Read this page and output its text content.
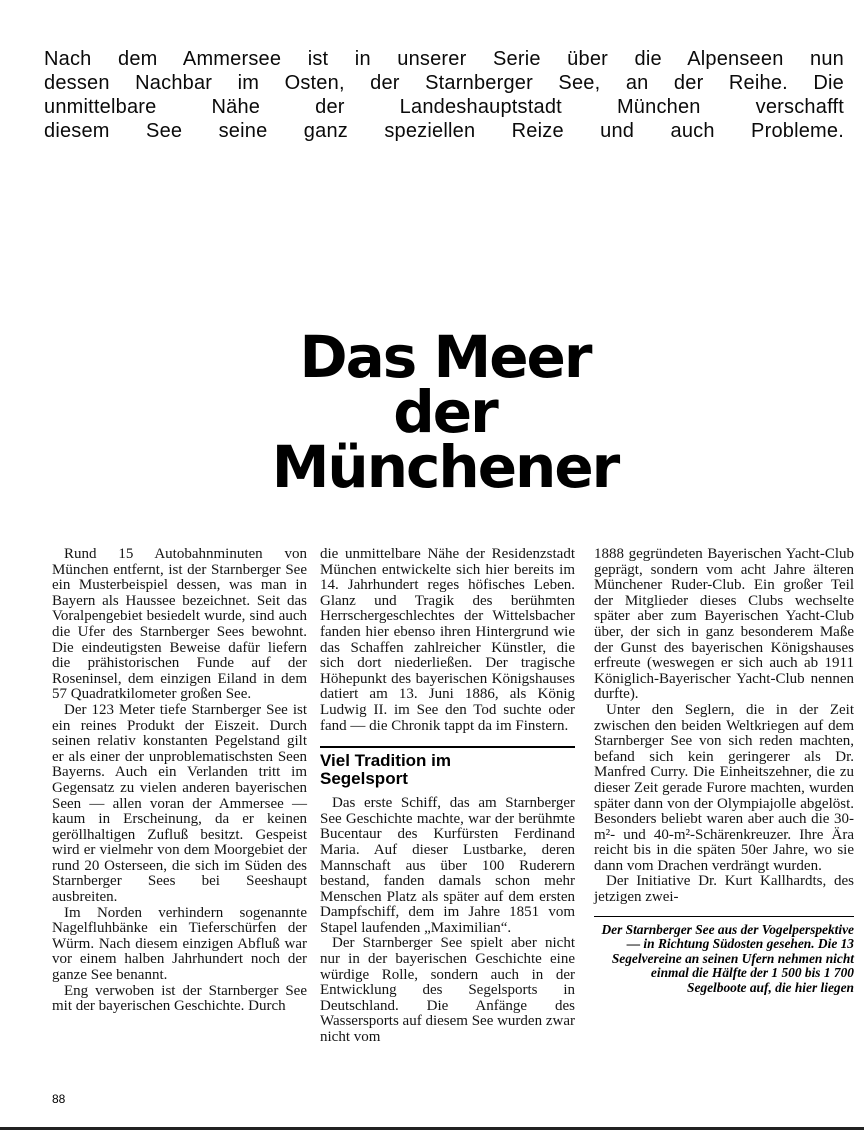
Nach dem Ammersee ist in unserer Serie über die Alpenseen nun

dessen Nachbar im Osten, der Starnberger See, an der Reihe. Die

unmittelbare Nähe der Landeshauptstadt München verschafft

diesem See seine ganz speziellen Reize und auch Probleme.

Das Meer
der
Münchener

Rund 15 Autobahnminuten von München entfernt, ist der Starnberger See ein Musterbeispiel dessen, was man in Bayern als Haussee bezeichnet. Seit das Voralpengebiet besiedelt wurde, sind auch die Ufer des Starnberger Sees bewohnt. Die eindeutigsten Beweise dafür liefern die prähistorischen Funde auf der Roseninsel, dem einzigen Eiland in dem 57 Quadratkilometer großen See.

Der 123 Meter tiefe Starnberger See ist ein reines Produkt der Eiszeit. Durch seinen relativ konstanten Pegelstand gilt er als einer der unproblematischsten Seen Bayerns. Auch ein Verlanden tritt im Gegensatz zu vielen anderen bayerischen Seen — allen voran der Ammersee — kaum in Erscheinung, da er keinen geröllhaltigen Zufluß besitzt. Gespeist wird er vielmehr von dem Moorgebiet der rund 20 Osterseen, die sich im Süden des Starnberger Sees bei Seeshaupt ausbreiten.

Im Norden verhindern sogenannte Nagelfluhbänke ein Tieferschürfen der Würm. Nach diesem einzigen Abfluß war vor einem halben Jahrhundert noch der ganze See benannt.

Eng verwoben ist der Starnberger See mit der bayerischen Geschichte. Durch

die unmittelbare Nähe der Residenzstadt München entwickelte sich hier bereits im 14. Jahrhundert reges höfisches Leben. Glanz und Tragik des berühmten Herrschergeschlechtes der Wittelsbacher fanden hier ebenso ihren Hintergrund wie das Schaffen zahlreicher Künstler, die sich dort niederließen. Der tragische Höhepunkt des bayerischen Königshauses datiert am 13. Juni 1886, als König Ludwig II. im See den Tod suchte oder fand — die Chronik tappt da im Finstern.

Viel Tradition im
Segelsport

Das erste Schiff, das am Starnberger See Geschichte machte, war der berühmte Bucentaur des Kurfürsten Ferdinand Maria. Auf dieser Lustbarke, deren Mannschaft aus über 100 Ruderern bestand, fanden damals schon mehr Menschen Platz als später auf dem ersten Dampfschiff, dem im Jahre 1851 vom Stapel laufenden „Maximilian“.

Der Starnberger See spielt aber nicht nur in der bayerischen Geschichte eine würdige Rolle, sondern auch in der Entwicklung des Segelsports in Deutschland. Die Anfänge des Wassersports auf diesem See wurden zwar nicht vom

1888 gegründeten Bayerischen Yacht-Club geprägt, sondern vom acht Jahre älteren Münchener Ruder-Club. Ein großer Teil der Mitglieder dieses Clubs wechselte später aber zum Bayerischen Yacht-Club über, der sich in ganz besonderem Maße der Gunst des bayerischen Königshauses erfreute (weswegen er sich auch ab 1911 Königlich-Bayerischer Yacht-Club nennen durfte).

Unter den Seglern, die in der Zeit zwischen den beiden Weltkriegen auf dem Starnberger See von sich reden machten, befand sich kein geringerer als Dr. Manfred Curry. Die Einheitszehner, die zu dieser Zeit gerade Furore machten, wurden später dann von der Olympiajolle abgelöst. Besonders beliebt waren aber auch die 30-m²- und 40-m²-Schärenkreuzer. Ihre Ära reicht bis in die späten 50er Jahre, wo sie dann vom Drachen verdrängt wurden.

Der Initiative Dr. Kurt Kallhardts, des jetzigen zwei-

Der Starnberger See aus der Vogelperspektive — in Richtung Südosten gesehen. Die 13 Segelvereine an seinen Ufern nehmen nicht einmal die Hälfte der 1 500 bis 1 700 Segelboote auf, die hier liegen
88
